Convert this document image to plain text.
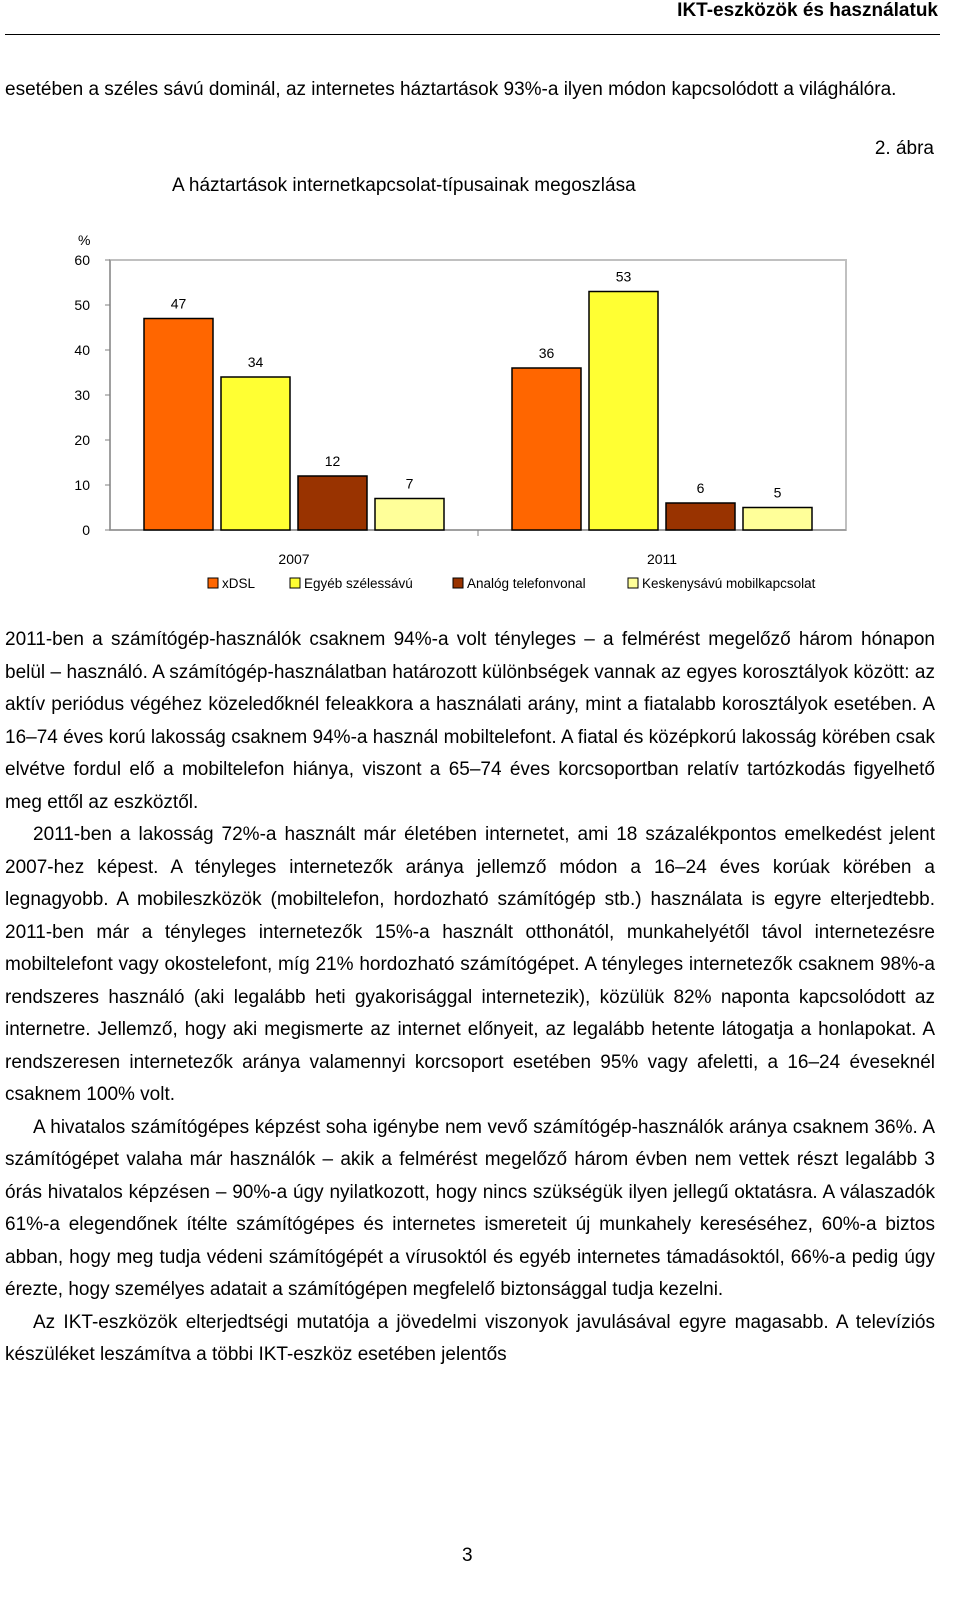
IKT-eszközök és használatuk
esetében a széles sávú dominál, az internetes háztartások 93%-a ilyen módon kapcsolódott a világhálóra.
2. ábra
A háztartások internetkapcsolat-típusainak megoszlása
0
10
20
30
40
50
60
%
47
34
12
7
2007
36
53
6	5
2011
xDSL	Egyéb szélessávú	Analóg telefonvonal	Keskenysávú mobilkapcsolat

2011-ben a számítógép-használók csaknem 94%-a volt tényleges – a felmérést megelőző három hónapon belül – használó. A számítógép-használatban határozott különbségek vannak az egyes korosztályok között: az aktív periódus végéhez közeledőknél feleakkora a használati arány, mint a fiatalabb korosztályok esetében. A 16–74 éves korú lakosság csaknem 94%-a használ mobiltelefont. A fiatal és középkorú lakosság körében csak elvétve fordul elő a mobiltelefon hiánya, viszont a 65–74 éves korcsoportban relatív tartózkodás figyelhető meg ettől az eszköztől.

2011-ben a lakosság 72%-a használt már életében internetet, ami 18 százalékpontos emelkedést jelent 2007-hez képest. A tényleges internetezők aránya jellemző módon a 16–24 éves korúak körében a legnagyobb. A mobileszközök (mobiltelefon, hordozható számítógép stb.) használata is egyre elterjedtebb. 2011-ben már a tényleges internetezők 15%-a használt otthonától, munkahelyétől távol internetezésre mobiltelefont vagy okostelefont, míg 21% hordozható számítógépet. A tényleges internetezők csaknem 98%-a rendszeres használó (aki legalább heti gyakorisággal internetezik), közülük 82% naponta kapcsolódott az internetre. Jellemző, hogy aki megismerte az internet előnyeit, az legalább hetente látogatja a honlapokat. A rendszeresen internetezők aránya valamennyi korcsoport esetében 95% vagy afeletti, a 16–24 éveseknél csaknem 100% volt.

A hivatalos számítógépes képzést soha igénybe nem vevő számítógép-használók aránya csaknem 36%. A számítógépet valaha már használók – akik a felmérést megelőző három évben nem vettek részt legalább 3 órás hivatalos képzésen – 90%-a úgy nyilatkozott, hogy nincs szükségük ilyen jellegű oktatásra. A válaszadók 61%-a elegendőnek ítélte számítógépes és internetes ismereteit új munkahely kereséséhez, 60%-a biztos abban, hogy meg tudja védeni számítógépét a vírusoktól és egyéb internetes támadásoktól, 66%-a pedig úgy érezte, hogy személyes adatait a számítógépen megfelelő biztonsággal tudja kezelni.

Az IKT-eszközök elterjedtségi mutatója a jövedelmi viszonyok javulásával egyre magasabb. A televíziós készüléket leszámítva a többi IKT-eszköz esetében jelentős

3
